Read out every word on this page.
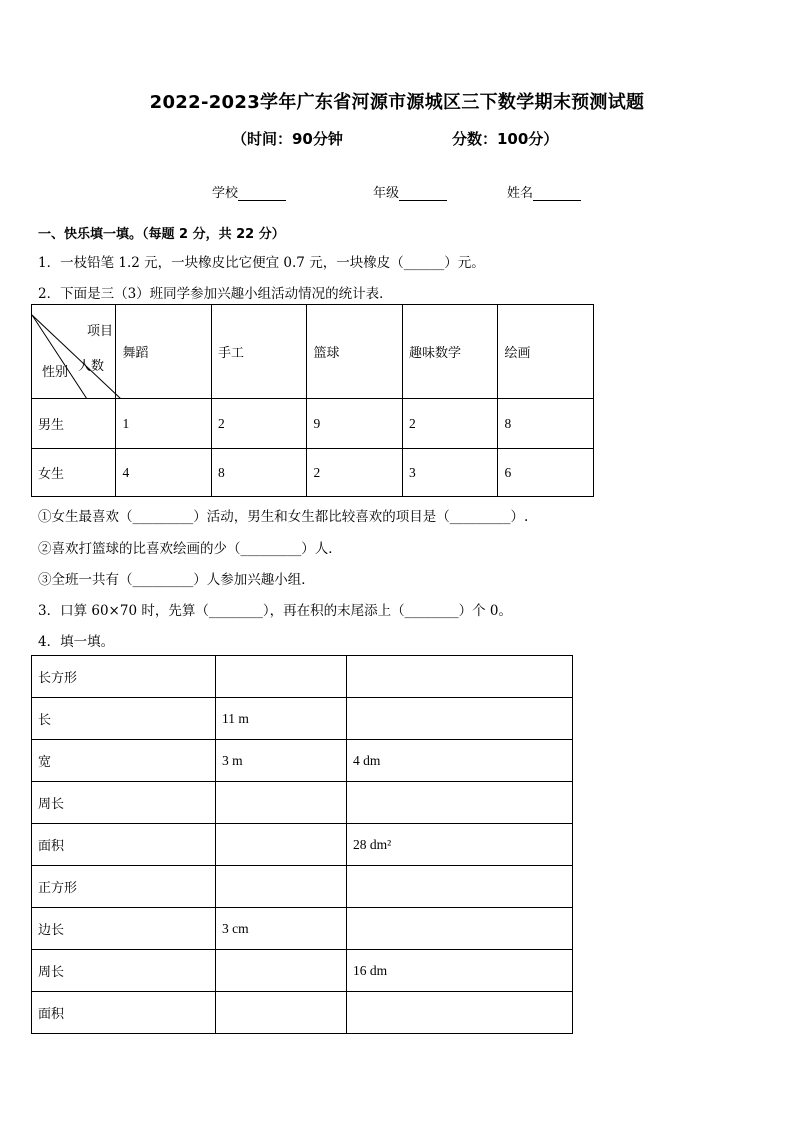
2022-2023学年广东省河源市源城区三下数学期末预测试题
（时间：90分钟	分数：100分）
学校	年级	姓名
一、快乐填一填。（每题 2 分，共 22 分）
1．一枝铅笔 1.2 元，一块橡皮比它便宜 0.7 元，一块橡皮（______）元。
2．下面是三（3）班同学参加兴趣小组活动情况的统计表．
项目
人数
性别	舞蹈	手工	篮球	趣味数学	绘画
男生	1	2	9	2	8
女生	4	8	2	3	6
①女生最喜欢（_________）活动，男生和女生都比较喜欢的项目是（_________）.
②喜欢打篮球的比喜欢绘画的少（_________）人．
③全班一共有（_________）人参加兴趣小组．
3．口算 60×70 时，先算（________），再在积的末尾添上（________）个 0。
4．填一填。
长方形		
长	11 m	
宽	3 m	4 dm
周长		
面积		28 dm²
正方形		
边长	3 cm	
周长		16 dm
面积		
